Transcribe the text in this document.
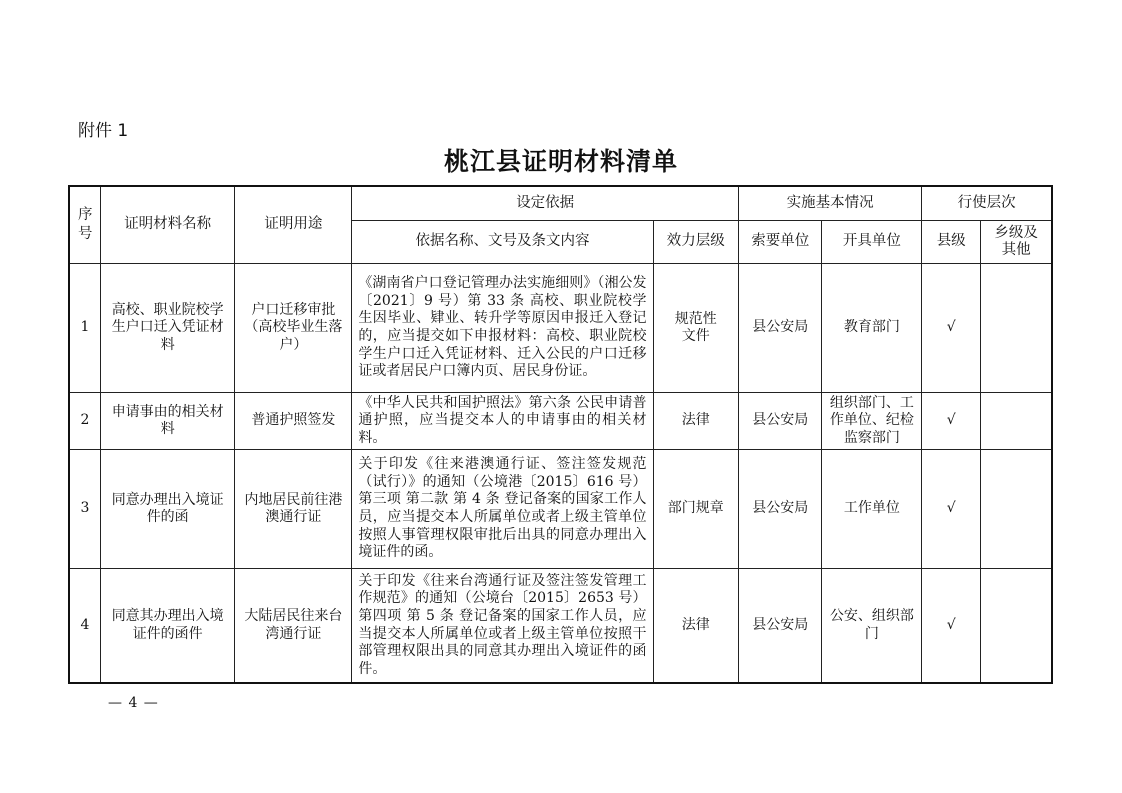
附件 1
桃江县证明材料清单
序号	证明材料名称	证明用途	设定依据		实施基本情况		行使层次	
			依据名称、文号及条文内容	效力层级	索要单位	开具单位	县级	乡级及其他
1	高校、职业院校学生户口迁入凭证材料	户口迁移审批（高校毕业生落户）	《湖南省户口登记管理办法实施细则》（湘公发〔2021〕9 号）第 33 条 高校、职业院校学生因毕业、肄业、转升学等原因申报迁入登记的，应当提交如下申报材料：高校、职业院校学生户口迁入凭证材料、迁入公民的户口迁移证或者居民户口簿内页、居民身份证。	规范性文件	县公安局	教育部门	√	
2	申请事由的相关材料	普通护照签发	《中华人民共和国护照法》第六条 公民申请普通护照，应当提交本人的申请事由的相关材料。	法律	县公安局	组织部门、工作单位、纪检监察部门	√	
3	同意办理出入境证件的函	内地居民前往港澳通行证	关于印发《往来港澳通行证、签注签发规范（试行）》的通知（公境港〔2015〕616 号）第三项 第二款 第 4 条 登记备案的国家工作人员，应当提交本人所属单位或者上级主管单位按照人事管理权限审批后出具的同意办理出入境证件的函。	部门规章	县公安局	工作单位	√	
4	同意其办理出入境证件的函件	大陆居民往来台湾通行证	关于印发《往来台湾通行证及签注签发管理工作规范》的通知（公境台〔2015〕2653 号）第四项 第 5 条 登记备案的国家工作人员，应当提交本人所属单位或者上级主管单位按照干部管理权限出具的同意其办理出入境证件的函件。	法律	县公安局	公安、组织部门	√	
— 4 —
